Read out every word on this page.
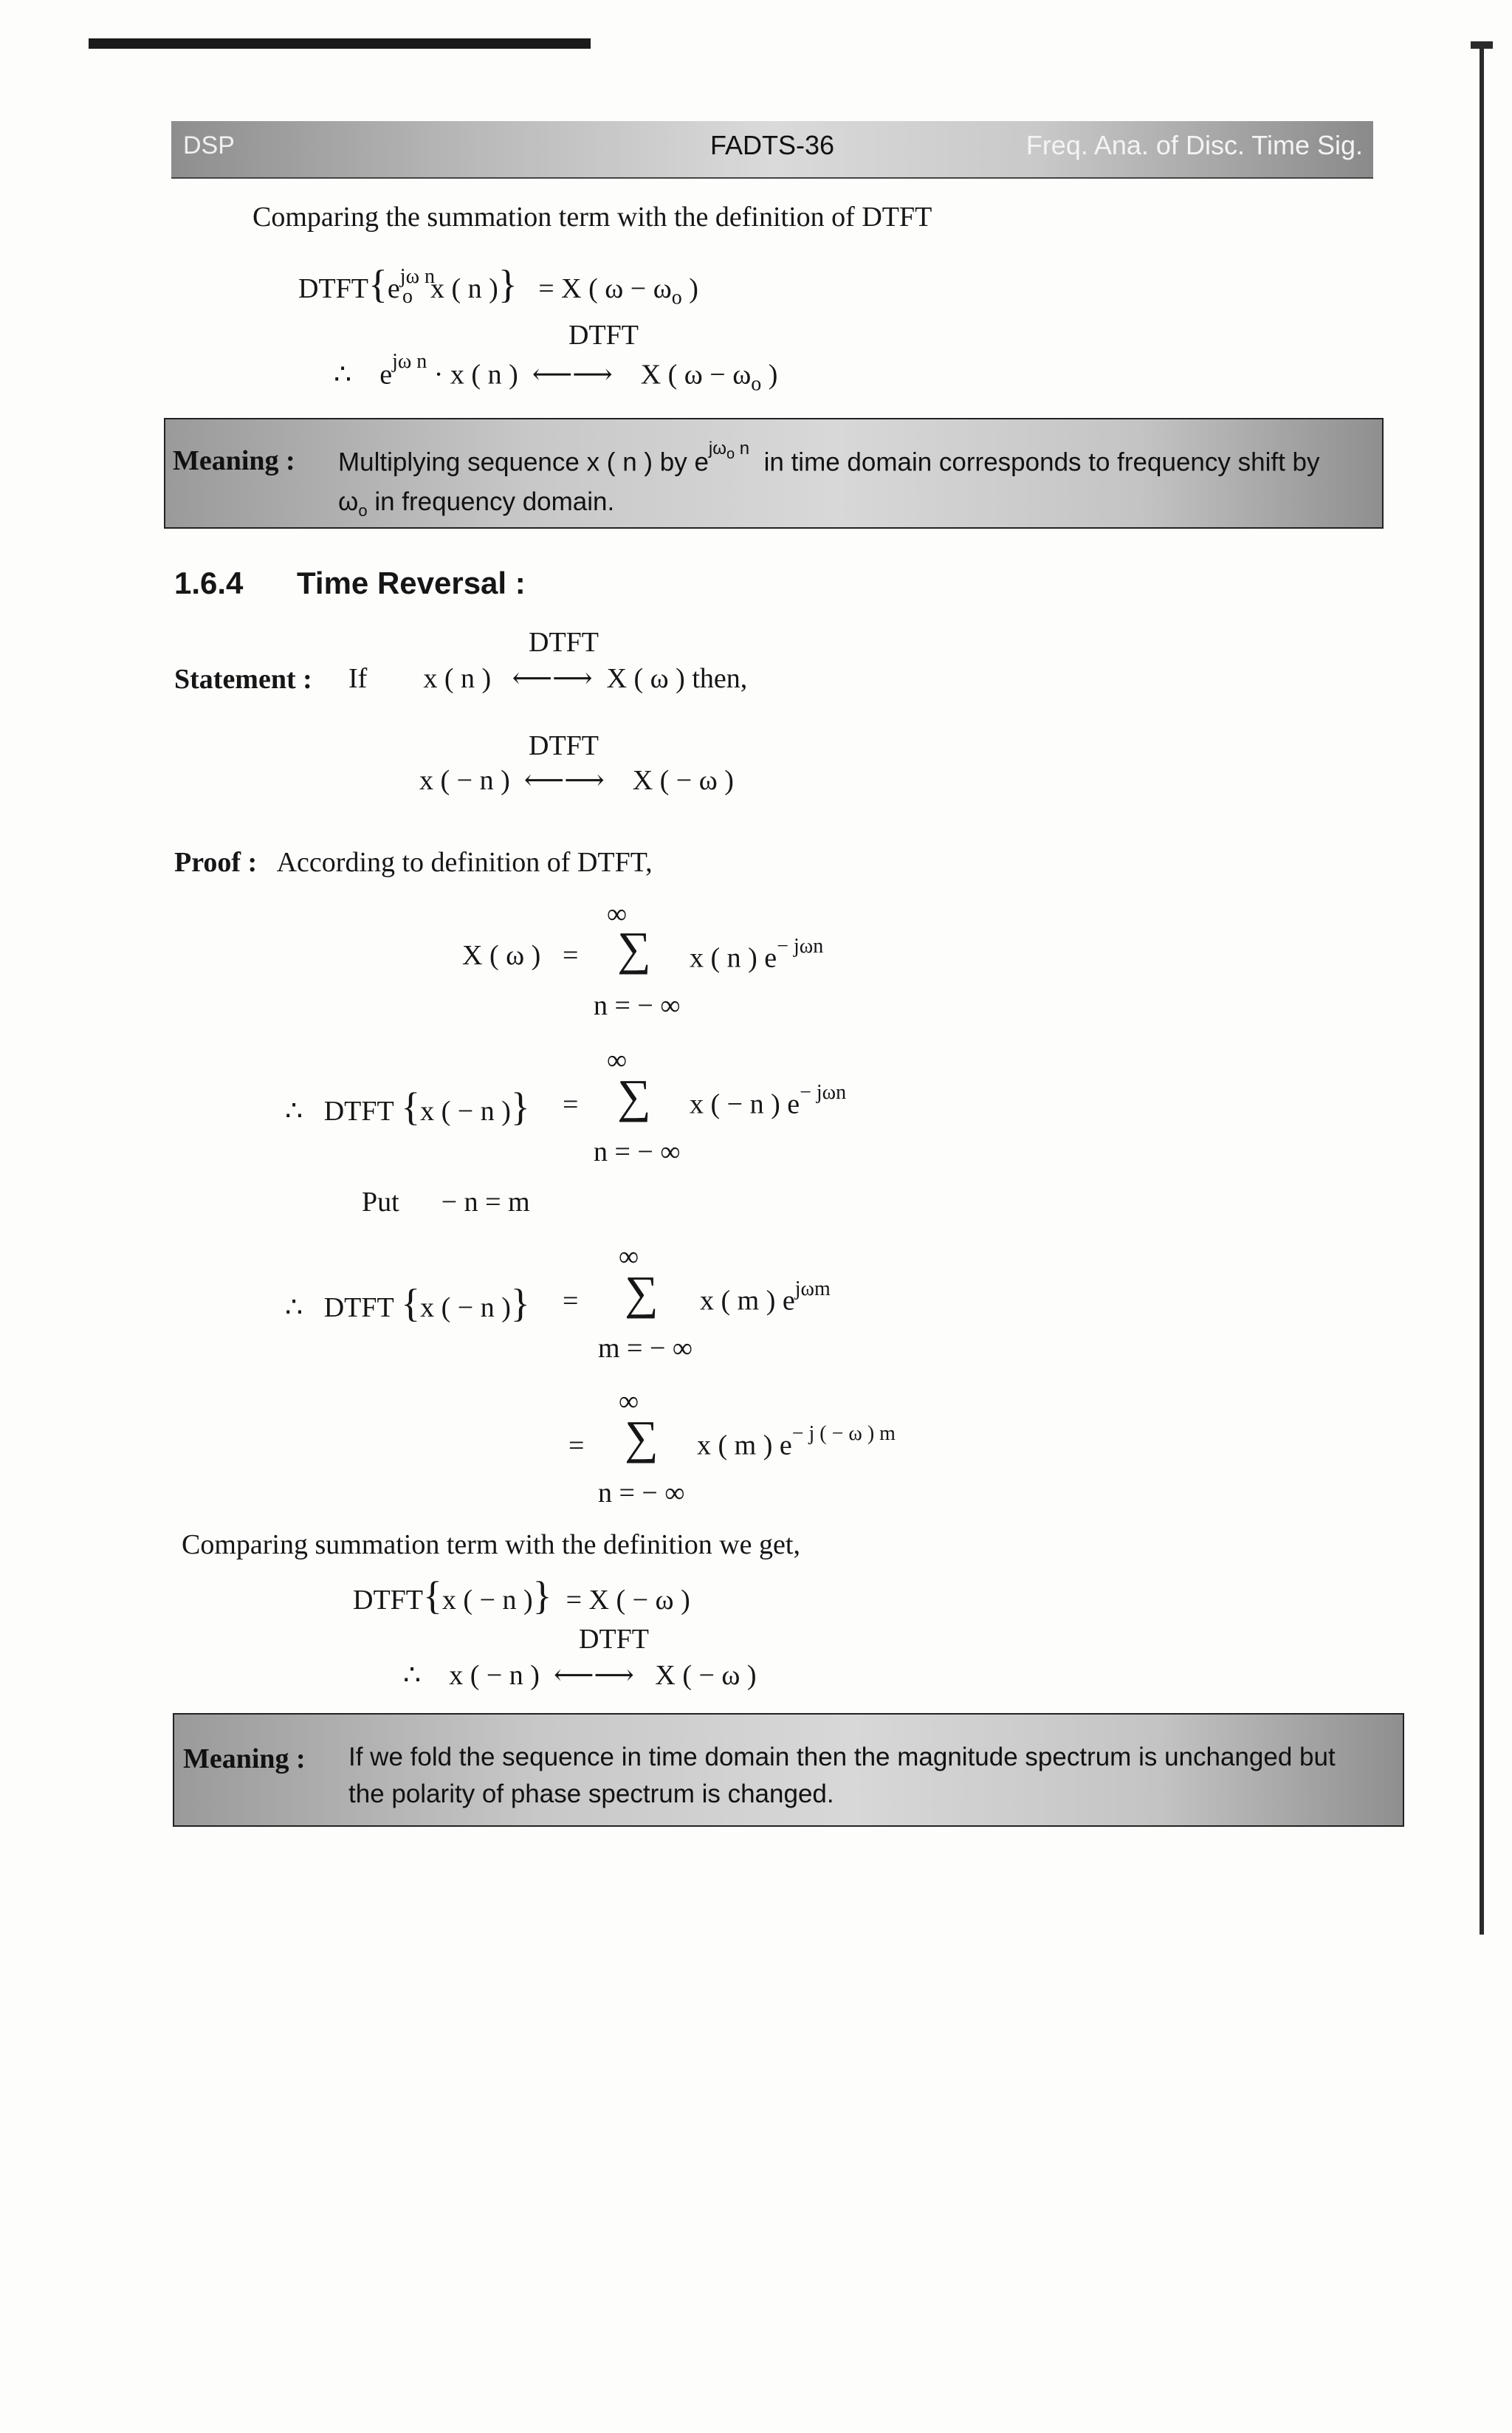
DSP	FADTS-36	Freq. Ana. of Disc. Time Sig.
Comparing the summation term with the definition of DTFT
$DTFT\{e^{j\omega n}_o$ x ( n )} = X ( $\omega - \omega_o$ )
DTFT
∴    $e^{j\omega n} \cdot x$ ( n ) ⟵⟶ X ( $\omega - \omega_o$ )
Meaning : Multiplying sequence x ( n ) by $e^{j\omega_o n}$ in time domain corresponds to frequency shift by
$\omega_o$ in frequency domain.
1.6.4 Time Reversal :
DTFT
Statement : If x ( n ) ⟵⟶ X ( ω ) then,
DTFT
x ( − n ) ⟵⟶ X ( − ω )
Proof : According to definition of DTFT,
∞
X ( ω ) = ∑ x ( n ) $e^{- j\omega n}$
n = − ∞
∞
∴ DTFT {x ( − n )} = ∑ x ( − n ) $e^{- j\omega n}$
n = − ∞
Put − n = m
∞
∴ DTFT {x ( − n )} = ∑ x ( m ) $e^{j\omega m}$
m = − ∞
∞
= ∑ x ( m ) $e^{- j ( - \omega ) m}$
n = − ∞
Comparing summation term with the definition we get,
DTFT{x ( − n )} = X ( − ω )
DTFT
∴ x ( − n ) ⟵⟶ X ( − ω )
Meaning : If we fold the sequence in time domain then the magnitude spectrum is unchanged but
the polarity of phase spectrum is changed.
